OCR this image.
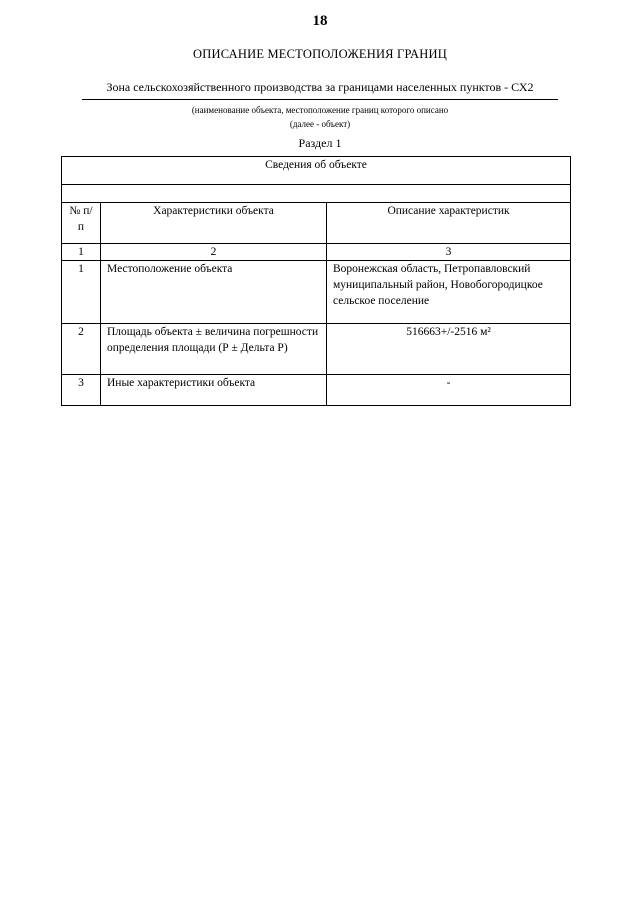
18
ОПИСАНИЕ МЕСТОПОЛОЖЕНИЯ ГРАНИЦ
Зона сельскохозяйственного производства за границами населенных пунктов - СХ2
(наименование объекта, местоположение границ которого описано
(далее - объект)
Раздел 1
Сведения об объекте		

№ п/п	Характеристики объекта	Описание характеристик
1	2	3
1	Местоположение объекта	Воронежская область, Петропавловский муниципальный район, Новобогородицкое сельское поселение
2	Площадь объекта ± величина погрешности определения площади (Р ± Дельта Р)	516663+/-2516 м²
3	Иные характеристики объекта	-
